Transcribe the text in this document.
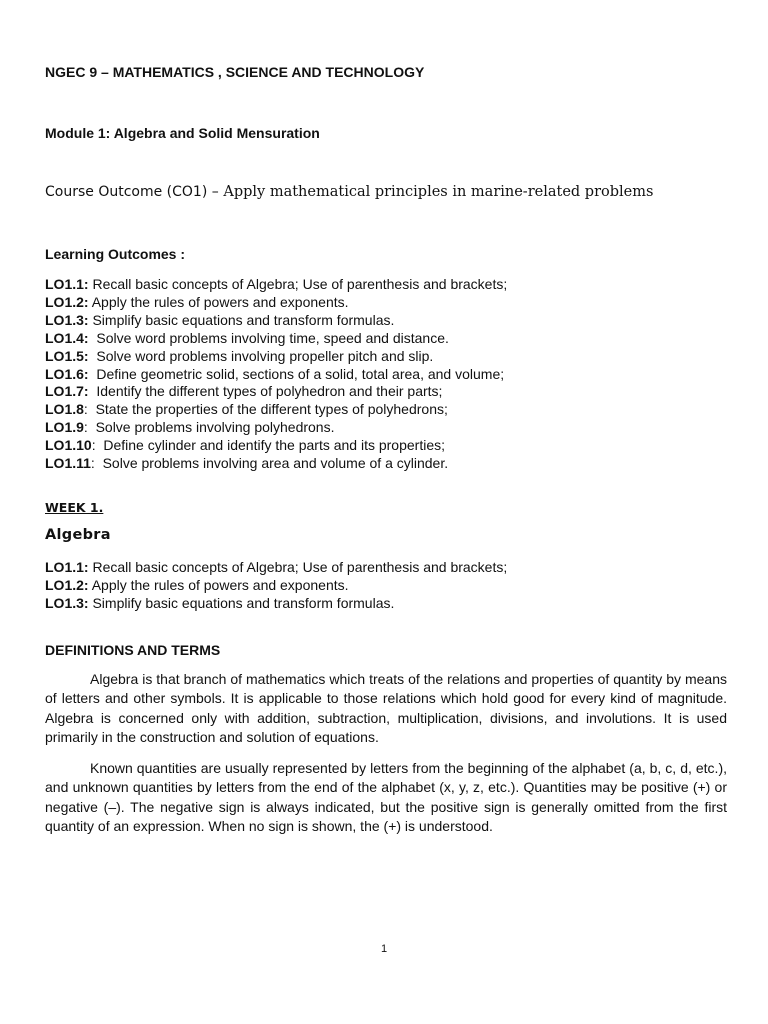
NGEC 9 – MATHEMATICS , SCIENCE AND TECHNOLOGY
Module 1: Algebra and Solid Mensuration
Course Outcome (CO1) – Apply mathematical principles in marine-related problems
Learning Outcomes :
LO1.1: Recall basic concepts of Algebra; Use of parenthesis and brackets;
LO1.2: Apply the rules of powers and exponents.
LO1.3: Simplify basic equations and transform formulas.
LO1.4:  Solve word problems involving time, speed and distance.
LO1.5:  Solve word problems involving propeller pitch and slip.
LO1.6:  Define geometric solid, sections of a solid, total area, and volume;
LO1.7:  Identify the different types of polyhedron and their parts;
LO1.8:  State the properties of the different types of polyhedrons;
LO1.9:  Solve problems involving polyhedrons.
LO1.10:  Define cylinder and identify the parts and its properties;
LO1.11:  Solve problems involving area and volume of a cylinder.
WEEK 1.
Algebra
LO1.1: Recall basic concepts of Algebra; Use of parenthesis and brackets;
LO1.2: Apply the rules of powers and exponents.
LO1.3: Simplify basic equations and transform formulas.
DEFINITIONS AND TERMS

Algebra is that branch of mathematics which treats of the relations and properties of quantity by means of letters and other symbols. It is applicable to those relations which hold good for every kind of magnitude. Algebra is concerned only with addition, subtraction, multiplication, divisions, and involutions. It is used primarily in the construction and solution of equations.

Known quantities are usually represented by letters from the beginning of the alphabet (a, b, c, d, etc.), and unknown quantities by letters from the end of the alphabet (x, y, z, etc.). Quantities may be positive (+) or negative (–). The negative sign is always indicated, but the positive sign is generally omitted from the first quantity of an expression. When no sign is shown, the (+) is understood.

1
